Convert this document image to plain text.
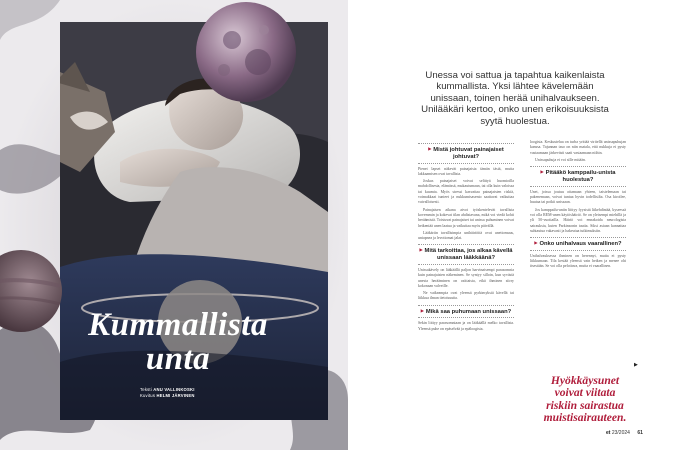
Kummallista
unta
Teksti ANU VALLINKOSKI
Kuvitus HELMI JÄRVINEN
Unessa voi sattua ja tapahtua kaikenlaista kummallista. Yksi lähtee kävelemään unissaan, toinen herää unihalvaukseen. Unilääkäri kertoo, onko unen erikoisuuksista syytä huolestua.
▶ Mistä johtuvat painajaiset johtuvat?

Pienet lapset näkevät painajaisia tämän tästä, mutta lakkaamisen ovat tavallisia.

Joskus painajaiset voivat selittyä huomioilla mahdollisesta, elämässä, mukautumaan, tai olla kuin valoissa tai kuumia. Myös stressi kasvattaa painajaisten riskiä, voimakkaat tunteet ja nukkumisasento saattavat vaikuttaa vaivalloisesti.

Painajaisen aikana aivot työskentelevät tavallista kovemmin ja kokevat tilan ahdistavana, mikä voi viedä kohti heräämistä. Toistuvat painajaiset tai unissa puhuminen voivat heikentää unen laatua ja vaikuttaa myös päivällä.

Lääkäriin tavallisimpia unihäiriöitä ovat unettomuus, uniapnea ja levottomat jalat.

▶ Mitä tarkoittaa, jos alkaa kävellä unissaan lääkkäänä?

Unissakävely on lääkäällä paljon harvinaisempi parasomnia kuin painajaisten näkeminen. Se syntyy silloin, kun syvästä unesta herääminen on osittaista, eikä ihminen siirry kokonaan valveille.

Ne vaikeampia ovat yleensä pyrkimyksiä kävellä tai liikkua ilman tietoisuutta.

▶ Mikä saa puhumaan unissaan?

Sekin liittyy parasomniaan ja on lääkäällä melko tavallista. Yleensä puhe on epäselvää ja epäloogista.

loogista. Keskustelua on turha yrittää viritellä unissapuhujan kanssa. Tajunnan taso on niin matala, että nukkuja ei pysty vastaamaan järkevästi saati vastaamaan niihin.

Unissapuhuja ei voi sille mitään.

▶ Pitääkö kamppailu-unista huolestua?

Unet, joissa joutuu ottamaan yhteen, taistelemaan tai pakenemaan, voivat tuntua hyvin todellisilta. Osa kiroilee, huutaa tai potkii unissaan.

Jos kamppailu-uniin liittyy fyysistä liikehdintää, kyseessä voi olla REM-unen käytöshäiriö. Se on yleisempi miehillä ja yli 50-vuotiailla. Häiriö voi ennakoida neurologisia sairauksia, kuten Parkinsonin tautia. Siksi asiaan kannattaa suhtautua vakavasti ja hakeutua tutkimuksiin.

▶ Onko unihalvaus vaarallinen?

Unihalvauksessa ihminen on herennyt, mutta ei pysty liikkumaan. Tila kestää yleensä vain hetken ja menee ohi itsestään. Se voi olla pelottava, mutta ei vaarallinen.

▶
Hyökkäysunet voivat viitata riskiin sairastua muistisairauteen.
et 23/2024 61
